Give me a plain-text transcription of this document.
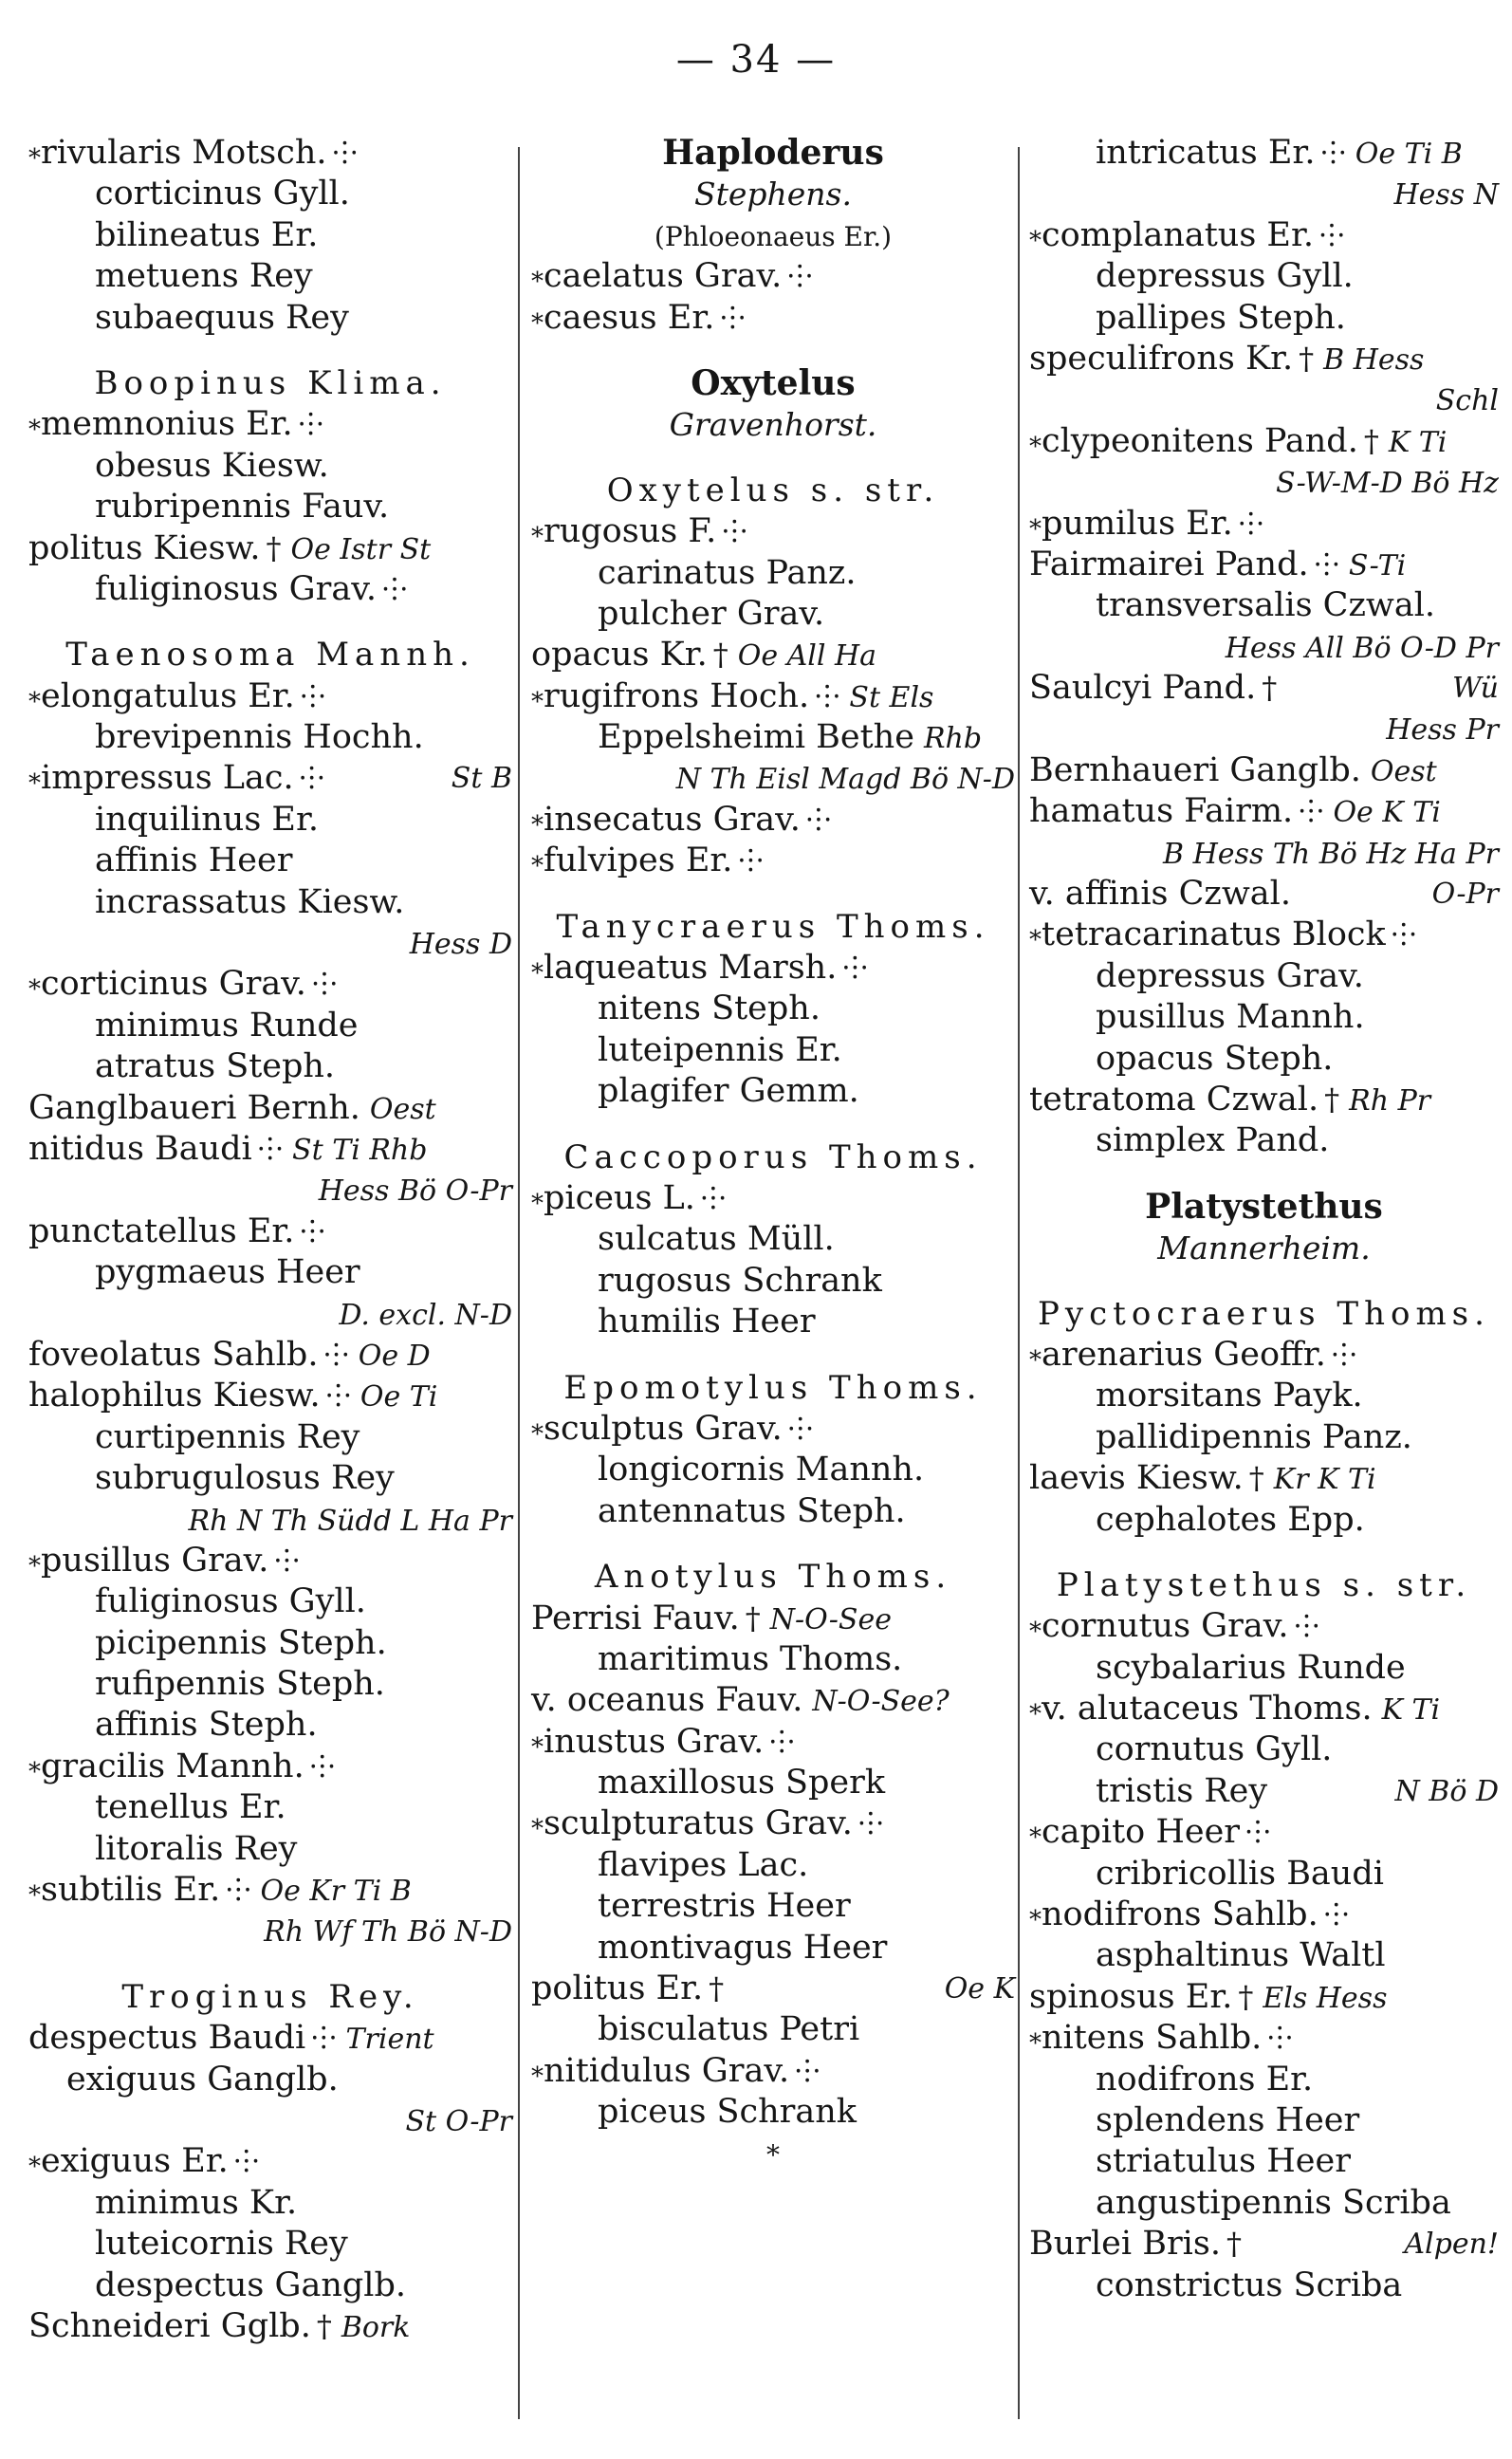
— 34 —
*rivularis Motsch. ⸭
corticinus Gyll.
bilineatus Er.
metuens Rey
subaequus Rey
Boopinus Klima.
*memnonius Er. ⸭
obesus Kiesw.
rubripennis Fauv.
politus Kiesw. † Oe Istr St
fuliginosus Grav. ⸭
Taenosoma Mannh.
*elongatulus Er. ⸭
brevipennis Hochh.
*impressus Lac. ⸭	St B
inquilinus Er.
affinis Heer
incrassatus Kiesw.
Hess D
*corticinus Grav. ⸭
minimus Runde
atratus Steph.
Ganglbaueri Bernh. Oest
nitidus Baudi ⸭ St Ti Rhb
Hess Bö O-Pr
punctatellus Er. ⸭
pygmaeus Heer
D. excl. N-D
foveolatus Sahlb. ⸭ Oe D
halophilus Kiesw. ⸭ Oe Ti
curtipennis Rey
subrugulosus Rey
Rh N Th Südd L Ha Pr
*pusillus Grav. ⸭
fuliginosus Gyll.
picipennis Steph.
rufipennis Steph.
affinis Steph.
*gracilis Mannh. ⸭
tenellus Er.
litoralis Rey
*subtilis Er. ⸭ Oe Kr Ti B
Rh Wf Th Bö N-D
Troginus Rey.
despectus Baudi ⸭ Trient
exiguus Ganglb.
St O-Pr
*exiguus Er. ⸭
minimus Kr.
luteicornis Rey
despectus Ganglb.
Schneideri Gglb. † Bork
Haploderus
Stephens.
(Phloeonaeus Er.)
*caelatus Grav. ⸭
*caesus Er. ⸭
Oxytelus
Gravenhorst.
Oxytelus s. str.
*rugosus F. ⸭
carinatus Panz.
pulcher Grav.
opacus Kr. † Oe All Ha
*rugifrons Hoch. ⸭ St Els
Eppelsheimi Bethe Rhb
N Th Eisl Magd Bö N-D
*insecatus Grav. ⸭
*fulvipes Er. ⸭
Tanycraerus Thoms.
*laqueatus Marsh. ⸭
nitens Steph.
luteipennis Er.
plagifer Gemm.
Caccoporus Thoms.
*piceus L. ⸭
sulcatus Müll.
rugosus Schrank
humilis Heer
Epomotylus Thoms.
*sculptus Grav. ⸭
longicornis Mannh.
antennatus Steph.
Anotylus Thoms.
Perrisi Fauv. † N-O-See
maritimus Thoms.
v. oceanus Fauv. N-O-See?
*inustus Grav. ⸭
maxillosus Sperk
*sculpturatus Grav. ⸭
flavipes Lac.
terrestris Heer
montivagus Heer
politus Er. †	Oe K
bisculatus Petri
*nitidulus Grav. ⸭
piceus Schrank
*
intricatus Er. ⸭ Oe Ti B
Hess N
*complanatus Er. ⸭
depressus Gyll.
pallipes Steph.
speculifrons Kr. † B Hess
Schl
*clypeonitens Pand. † K Ti
S-W-M-D Bö Hz
*pumilus Er. ⸭
Fairmairei Pand. ⸭ S-Ti
transversalis Czwal.
Hess All Bö O-D Pr
Saulcyi Pand. †	Wü
Hess Pr
Bernhaueri Ganglb. Oest
hamatus Fairm. ⸭ Oe K Ti
B Hess Th Bö Hz Ha Pr
v. affinis Czwal.	O-Pr
*tetracarinatus Block ⸭
depressus Grav.
pusillus Mannh.
opacus Steph.
tetratoma Czwal. † Rh Pr
simplex Pand.
Platystethus
Mannerheim.
Pyctocraerus Thoms.
*arenarius Geoffr. ⸭
morsitans Payk.
pallidipennis Panz.
laevis Kiesw. † Kr K Ti
cephalotes Epp.
Platystethus s. str.
*cornutus Grav. ⸭
scybalarius Runde
*v. alutaceus Thoms. K Ti
cornutus Gyll.
tristis Rey	N Bö D
*capito Heer ⸭
cribricollis Baudi
*nodifrons Sahlb. ⸭
asphaltinus Waltl
spinosus Er. † Els Hess
*nitens Sahlb. ⸭
nodifrons Er.
splendens Heer
striatulus Heer
angustipennis Scriba
Burlei Bris. †	Alpen!
constrictus Scriba
